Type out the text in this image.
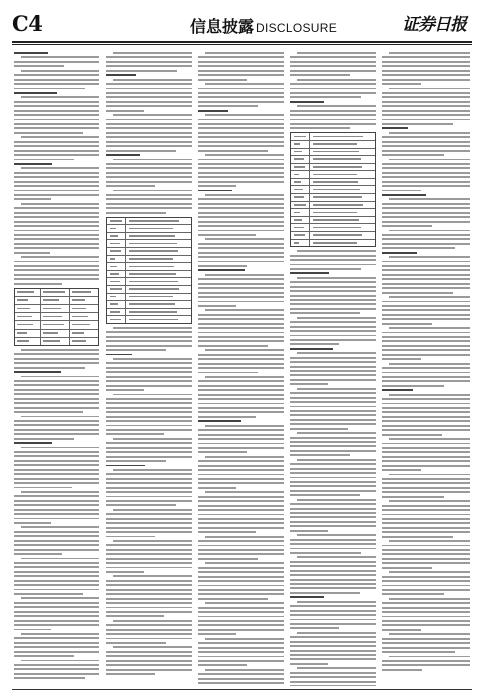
C4	信息披露 DISCLOSURE	证券日报
